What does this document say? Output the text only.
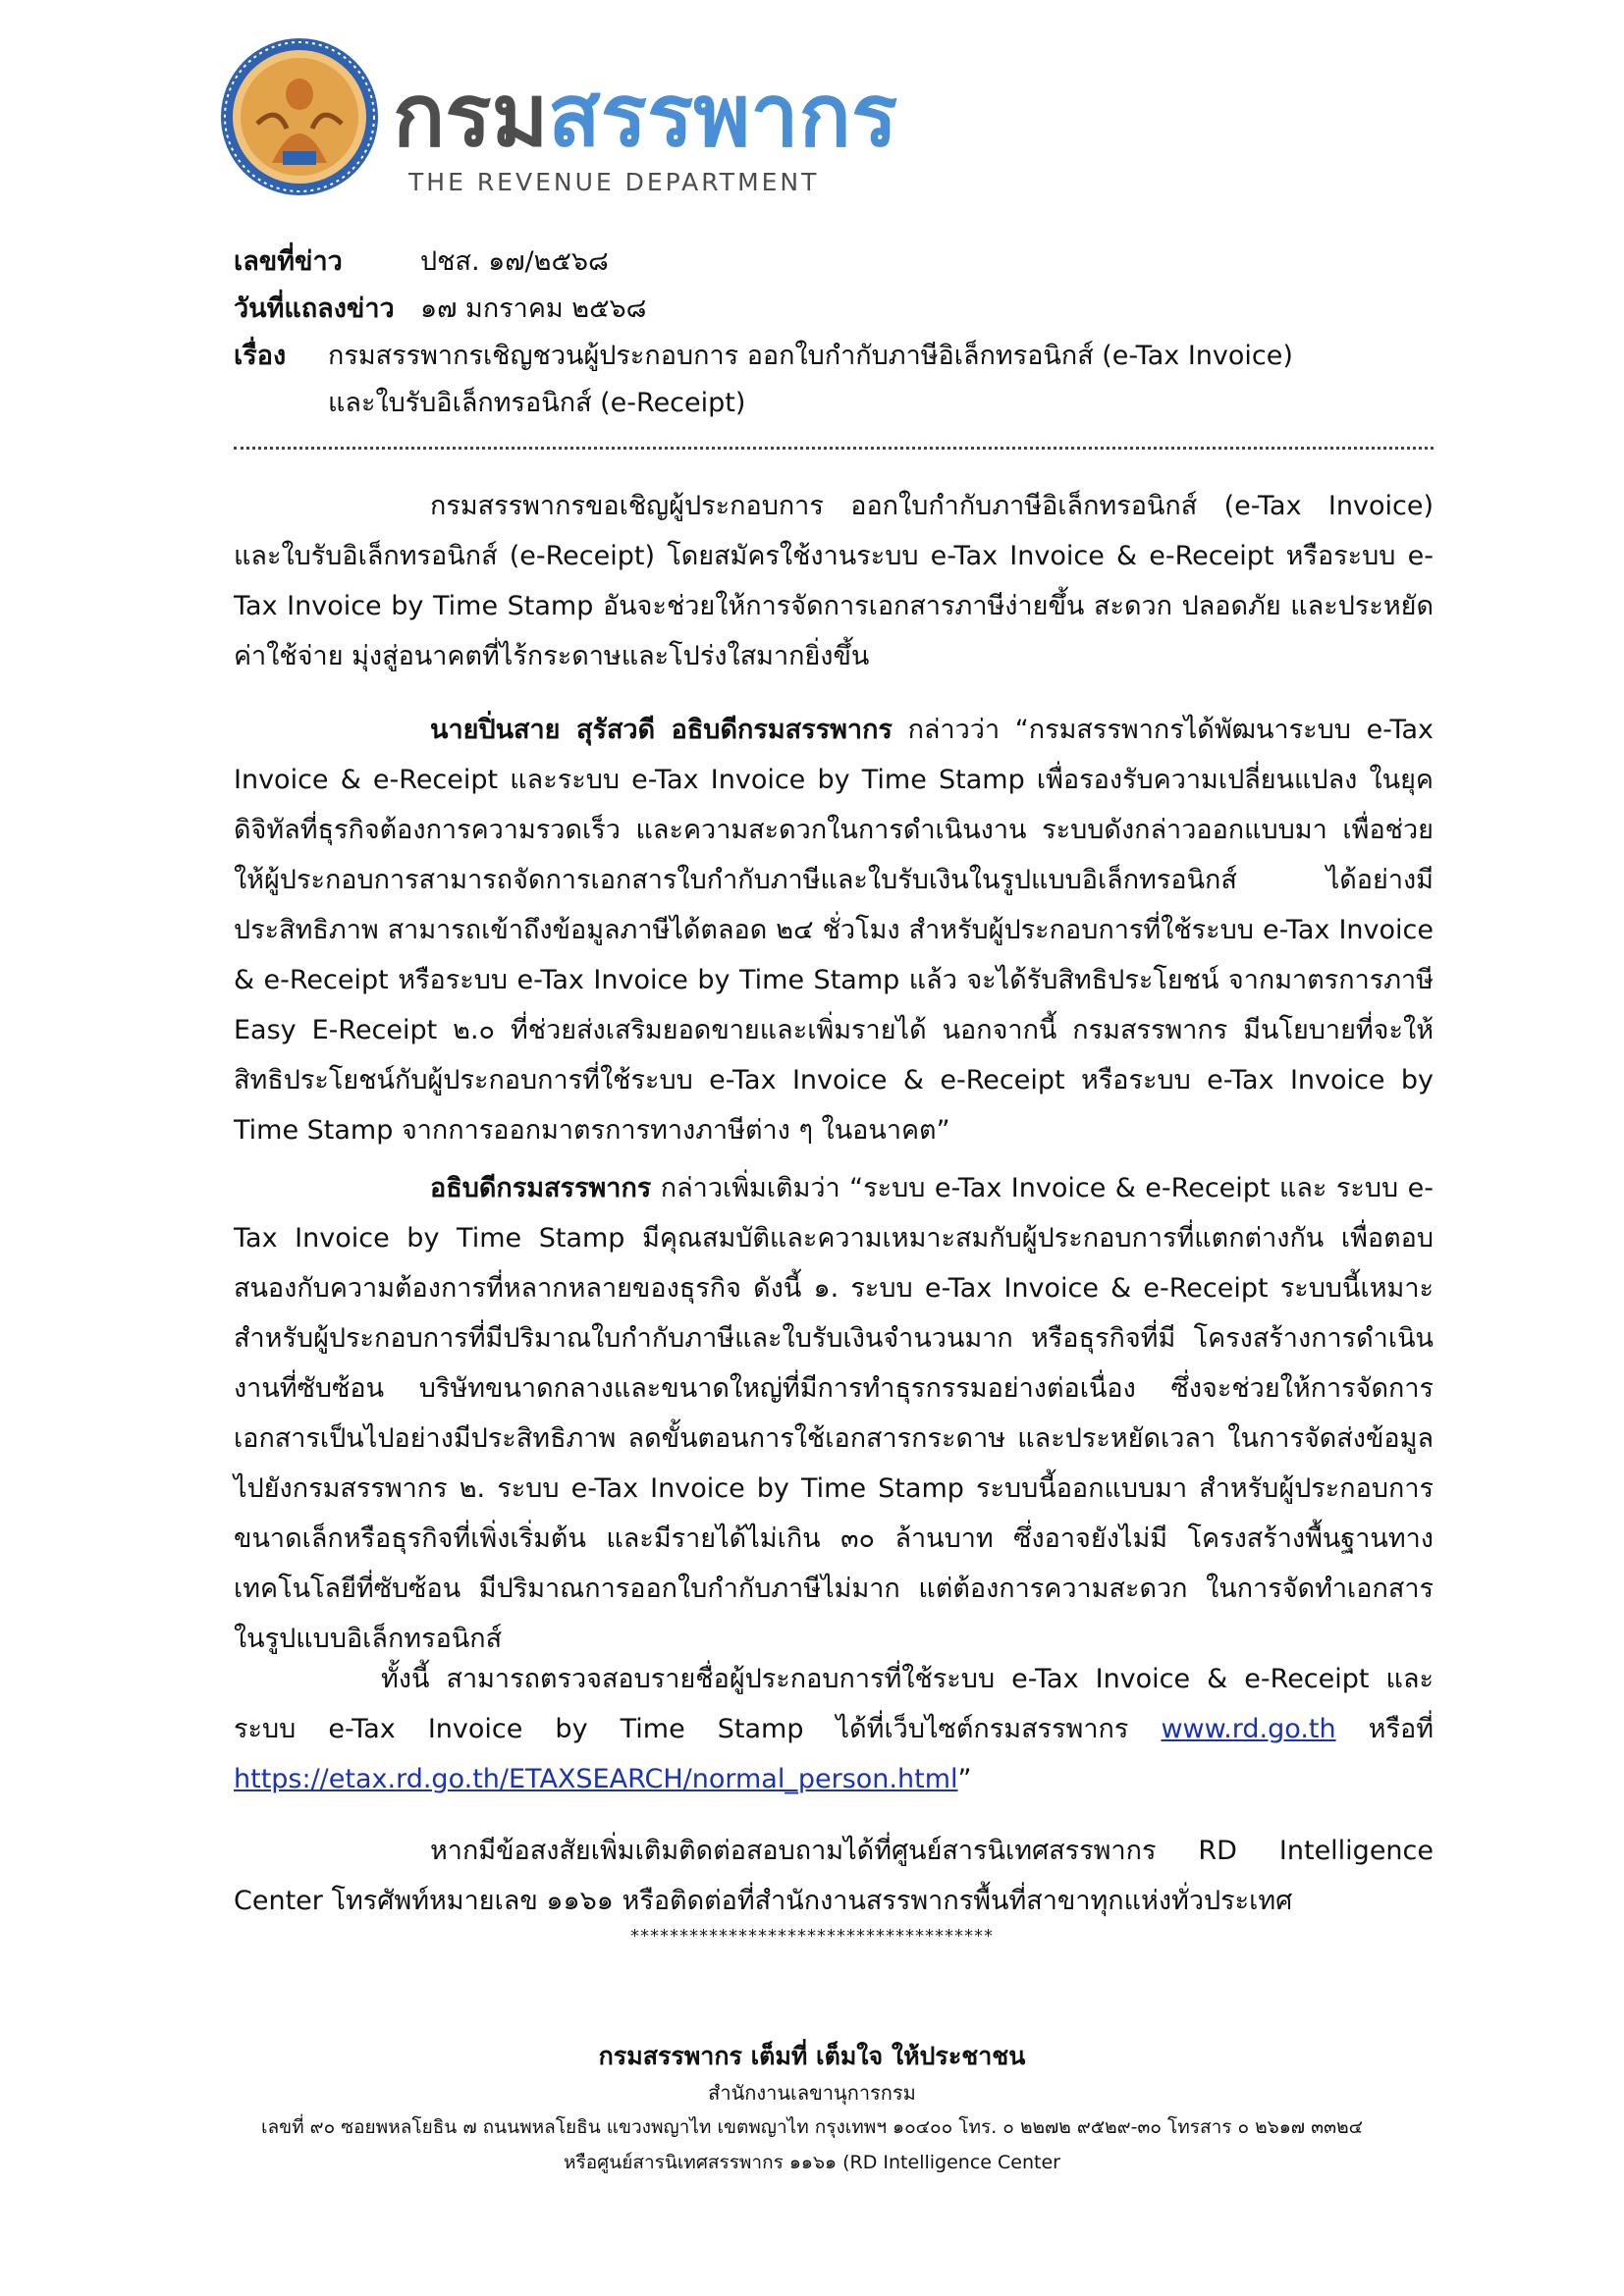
กรม สรรพากร
THE REVENUE DEPARTMENT
เลขที่ข่าว	ปชส. ๑๗/๒๕๖๘
วันที่แถลงข่าว ๑๗ มกราคม ๒๕๖๘
เรื่อง กรมสรรพากรเชิญชวนผู้ประกอบการ ออกใบกำกับภาษีอิเล็กทรอนิกส์ (e-Tax Invoice)
และใบรับอิเล็กทรอนิกส์ (e-Receipt)
กรมสรรพากรขอเชิญผู้ประกอบการ ออกใบกำกับภาษีอิเล็กทรอนิกส์ (e-Tax Invoice) และใบรับอิเล็กทรอนิกส์ (e-Receipt) โดยสมัครใช้งานระบบ e-Tax Invoice & e-Receipt หรือระบบ e-Tax Invoice by Time Stamp อันจะช่วยให้การจัดการเอกสารภาษีง่ายขึ้น สะดวก ปลอดภัย และประหยัดค่าใช้จ่าย มุ่งสู่อนาคตที่ไร้กระดาษและโปร่งใสมากยิ่งขึ้น
นายปิ่นสาย สุรัสวดี อธิบดีกรมสรรพากร กล่าวว่า “กรมสรรพากรได้พัฒนาระบบ e-Tax Invoice & e-Receipt และระบบ e-Tax Invoice by Time Stamp เพื่อรองรับความเปลี่ยนแปลง ในยุคดิจิทัลที่ธุรกิจต้องการความรวดเร็ว และความสะดวกในการดำเนินงาน ระบบดังกล่าวออกแบบมา เพื่อช่วยให้ผู้ประกอบการสามารถจัดการเอกสารใบกำกับภาษีและใบรับเงินในรูปแบบอิเล็กทรอนิกส์ ได้อย่างมีประสิทธิภาพ สามารถเข้าถึงข้อมูลภาษีได้ตลอด ๒๔ ชั่วโมง สำหรับผู้ประกอบการที่ใช้ระบบ e-Tax Invoice & e-Receipt หรือระบบ e-Tax Invoice by Time Stamp แล้ว จะได้รับสิทธิประโยชน์ จากมาตรการภาษี Easy E-Receipt ๒.๐ ที่ช่วยส่งเสริมยอดขายและเพิ่มรายได้ นอกจากนี้ กรมสรรพากร มีนโยบายที่จะให้สิทธิประโยชน์กับผู้ประกอบการที่ใช้ระบบ e-Tax Invoice & e-Receipt หรือระบบ e-Tax Invoice by Time Stamp จากการออกมาตรการทางภาษีต่าง ๆ ในอนาคต”
อธิบดีกรมสรรพากร กล่าวเพิ่มเติมว่า “ระบบ e-Tax Invoice & e-Receipt และ ระบบ e-Tax Invoice by Time Stamp มีคุณสมบัติและความเหมาะสมกับผู้ประกอบการที่แตกต่างกัน เพื่อตอบสนองกับความต้องการที่หลากหลายของธุรกิจ ดังนี้ ๑. ระบบ e-Tax Invoice & e-Receipt ระบบนี้เหมาะสำหรับผู้ประกอบการที่มีปริมาณใบกำกับภาษีและใบรับเงินจำนวนมาก หรือธุรกิจที่มี โครงสร้างการดำเนินงานที่ซับซ้อน บริษัทขนาดกลางและขนาดใหญ่ที่มีการทำธุรกรรมอย่างต่อเนื่อง ซึ่งจะช่วยให้การจัดการเอกสารเป็นไปอย่างมีประสิทธิภาพ ลดขั้นตอนการใช้เอกสารกระดาษ และประหยัดเวลา ในการจัดส่งข้อมูลไปยังกรมสรรพากร ๒. ระบบ e-Tax Invoice by Time Stamp ระบบนี้ออกแบบมา สำหรับผู้ประกอบการขนาดเล็กหรือธุรกิจที่เพิ่งเริ่มต้น และมีรายได้ไม่เกิน ๓๐ ล้านบาท ซึ่งอาจยังไม่มี โครงสร้างพื้นฐานทางเทคโนโลยีที่ซับซ้อน มีปริมาณการออกใบกำกับภาษีไม่มาก แต่ต้องการความสะดวก ในการจัดทำเอกสารในรูปแบบอิเล็กทรอนิกส์
ทั้งนี้ สามารถตรวจสอบรายชื่อผู้ประกอบการที่ใช้ระบบ e-Tax Invoice & e-Receipt และระบบ e-Tax Invoice by Time Stamp ได้ที่เว็บไซต์กรมสรรพากร www.rd.go.th หรือที่ https://etax.rd.go.th/ETAXSEARCH/normal_person.html”
หากมีข้อสงสัยเพิ่มเติมติดต่อสอบถามได้ที่ศูนย์สารนิเทศสรรพากร RD Intelligence Center โทรศัพท์หมายเลข ๑๑๖๑ หรือติดต่อที่สำนักงานสรรพากรพื้นที่สาขาทุกแห่งทั่วประเทศ
*************************************
กรมสรรพากร เต็มที่ เต็มใจ ให้ประชาชน
สำนักงานเลขานุการกรม
เลขที่ ๙๐ ซอยพหลโยธิน ๗ ถนนพหลโยธิน แขวงพญาไท เขตพญาไท กรุงเทพฯ ๑๐๔๐๐ โทร. ๐ ๒๒๗๒ ๙๕๒๙-๓๐ โทรสาร ๐ ๒๖๑๗ ๓๓๒๔
หรือศูนย์สารนิเทศสรรพากร ๑๑๖๑ (RD Intelligence Center
